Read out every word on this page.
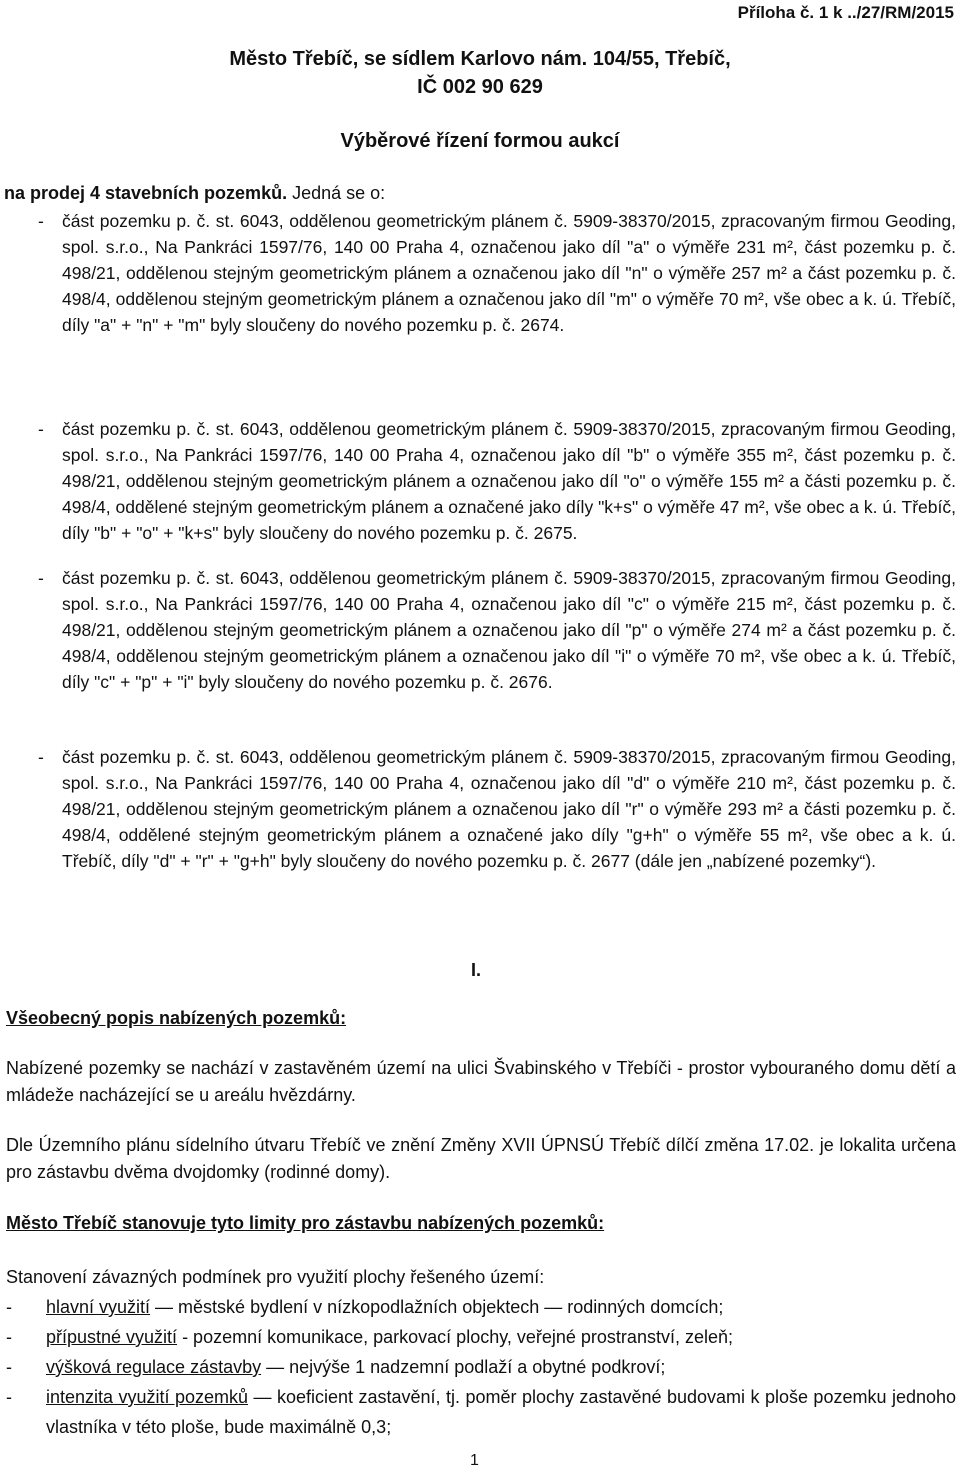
Příloha č. 1 k ../27/RM/2015
Město Třebíč, se sídlem Karlovo nám. 104/55, Třebíč,
IČ 002 90 629
Výběrové řízení formou aukcí
na prodej 4 stavebních pozemků. Jedná se o:
- část pozemku p. č. st. 6043, oddělenou geometrickým plánem č. 5909-38370/2015, zpracovaným firmou Geoding, spol. s.r.o., Na Pankráci 1597/76, 140 00 Praha 4, označenou jako díl "a" o výměře 231 m², část pozemku p. č. 498/21, oddělenou stejným geometrickým plánem a označenou jako díl "n" o výměře 257 m² a část pozemku p. č. 498/4, oddělenou stejným geometrickým plánem a označenou jako díl "m" o výměře 70 m², vše obec a k. ú. Třebíč, díly "a" + "n" + "m" byly sloučeny do nového pozemku p. č. 2674.
- část pozemku p. č. st. 6043, oddělenou geometrickým plánem č. 5909-38370/2015, zpracovaným firmou Geoding, spol. s.r.o., Na Pankráci 1597/76, 140 00 Praha 4, označenou jako díl "b" o výměře 355 m², část pozemku p. č. 498/21, oddělenou stejným geometrickým plánem a označenou jako díl "o" o výměře 155 m² a části pozemku p. č. 498/4, oddělené stejným geometrickým plánem a označené jako díly "k+s" o výměře 47 m², vše obec a k. ú. Třebíč, díly "b" + "o" + "k+s" byly sloučeny do nového pozemku p. č. 2675.
- část pozemku p. č. st. 6043, oddělenou geometrickým plánem č. 5909-38370/2015, zpracovaným firmou Geoding, spol. s.r.o., Na Pankráci 1597/76, 140 00 Praha 4, označenou jako díl "c" o výměře 215 m², část pozemku p. č. 498/21, oddělenou stejným geometrickým plánem a označenou jako díl "p" o výměře 274 m² a část pozemku p. č. 498/4, oddělenou stejným geometrickým plánem a označenou jako díl "i" o výměře 70 m², vše obec a k. ú. Třebíč, díly "c" + "p" + "i" byly sloučeny do nového pozemku p. č. 2676.
- část pozemku p. č. st. 6043, oddělenou geometrickým plánem č. 5909-38370/2015, zpracovaným firmou Geoding, spol. s.r.o., Na Pankráci 1597/76, 140 00 Praha 4, označenou jako díl "d" o výměře 210 m², část pozemku p. č. 498/21, oddělenou stejným geometrickým plánem a označenou jako díl "r" o výměře 293 m² a části pozemku p. č. 498/4, oddělené stejným geometrickým plánem a označené jako díly "g+h" o výměře 55 m², vše obec a k. ú. Třebíč, díly "d" + "r" + "g+h" byly sloučeny do nového pozemku p. č. 2677 (dále jen „nabízené pozemky“).
I.
Všeobecný popis nabízených pozemků:
Nabízené pozemky se nachází v zastavěném území na ulici Švabinského v Třebíči - prostor vybouraného domu dětí a mládeže nacházející se u areálu hvězdárny.
Dle Územního plánu sídelního útvaru Třebíč ve znění Změny XVII ÚPNSÚ Třebíč dílčí změna 17.02. je lokalita určena pro zástavbu dvěma dvojdomky (rodinné domy).
Město Třebíč stanovuje tyto limity pro zástavbu nabízených pozemků:
Stanovení závazných podmínek pro využití plochy řešeného území:
- hlavní využití — městské bydlení v nízkopodlažních objektech — rodinných domcích;
- přípustné využití - pozemní komunikace, parkovací plochy, veřejné prostranství, zeleň;
- výšková regulace zástavby — nejvýše 1 nadzemní podlaží a obytné podkroví;
- intenzita využití pozemků — koeficient zastavění, tj. poměr plochy zastavěné budovami k ploše pozemku jednoho vlastníka v této ploše, bude maximálně 0,3;
1
